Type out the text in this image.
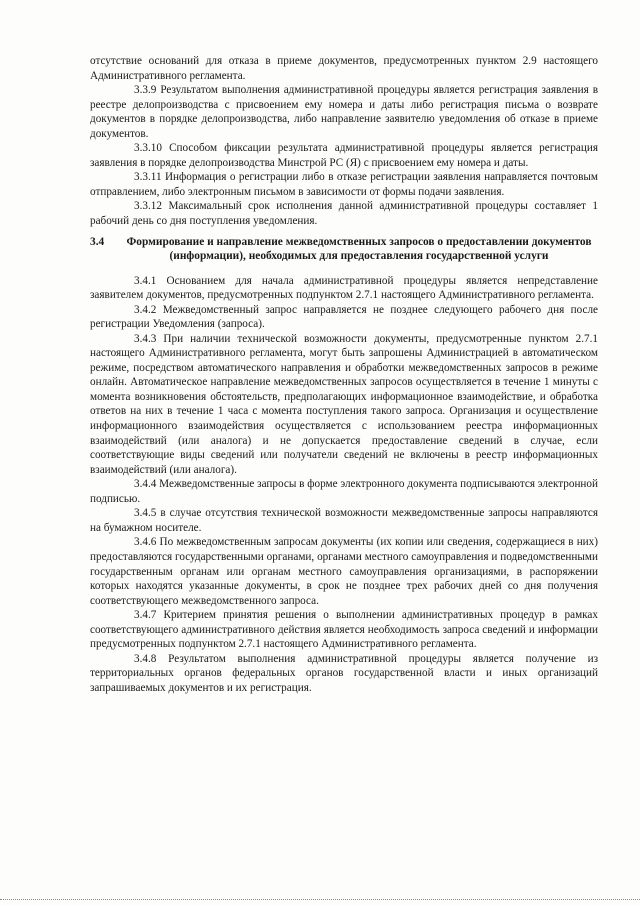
отсутствие оснований для отказа в приеме документов, предусмотренных пунктом 2.9 настоящего Административного регламента.

3.3.9 Результатом выполнения административной процедуры является регистрация заявления в реестре делопроизводства с присвоением ему номера и даты либо регистрация письма о возврате документов в порядке делопроизводства, либо направление заявителю уведомления об отказе в приеме документов.

3.3.10 Способом фиксации результата административной процедуры является регистрация заявления в порядке делопроизводства Минстрой РС (Я) с присвоением ему номера и даты.

3.3.11 Информация о регистрации либо в отказе регистрации заявления направляется почтовым отправлением, либо электронным письмом в зависимости от формы подачи заявления.

3.3.12 Максимальный срок исполнения данной административной процедуры составляет 1 рабочий день со дня поступления уведомления.

3.4	Формирование и направление межведомственных запросов о предоставлении документов (информации), необходимых для предоставления государственной услуги

3.4.1 Основанием для начала административной процедуры является непредставление заявителем документов, предусмотренных подпунктом 2.7.1 настоящего Административного регламента.

3.4.2 Межведомственный запрос направляется не позднее следующего рабочего дня после регистрации Уведомления (запроса).

3.4.3 При наличии технической возможности документы, предусмотренные пунктом 2.7.1 настоящего Административного регламента, могут быть запрошены Администрацией в автоматическом режиме, посредством автоматического направления и обработки межведомственных запросов в режиме онлайн. Автоматическое направление межведомственных запросов осуществляется в течение 1 минуты с момента возникновения обстоятельств, предполагающих информационное взаимодействие, и обработка ответов на них в течение 1 часа с момента поступления такого запроса. Организация и осуществление информационного взаимодействия осуществляется с использованием реестра информационных взаимодействий (или аналога) и не допускается предоставление сведений в случае, если соответствующие виды сведений или получатели сведений не включены в реестр информационных взаимодействий (или аналога).

3.4.4 Межведомственные запросы в форме электронного документа подписываются электронной подписью.

3.4.5 в случае отсутствия технической возможности межведомственные запросы направляются на бумажном носителе.

3.4.6 По межведомственным запросам документы (их копии или сведения, содержащиеся в них) предоставляются государственными органами, органами местного самоуправления и подведомственными государственным органам или органам местного самоуправления организациями, в распоряжении которых находятся указанные документы, в срок не позднее трех рабочих дней со дня получения соответствующего межведомственного запроса.

3.4.7 Критерием принятия решения о выполнении административных процедур в рамках соответствующего административного действия является необходимость запроса сведений и информации предусмотренных подпунктом 2.7.1 настоящего Административного регламента.

3.4.8 Результатом выполнения административной процедуры является получение из территориальных органов федеральных органов государственной власти и иных организаций запрашиваемых документов и их регистрация.
